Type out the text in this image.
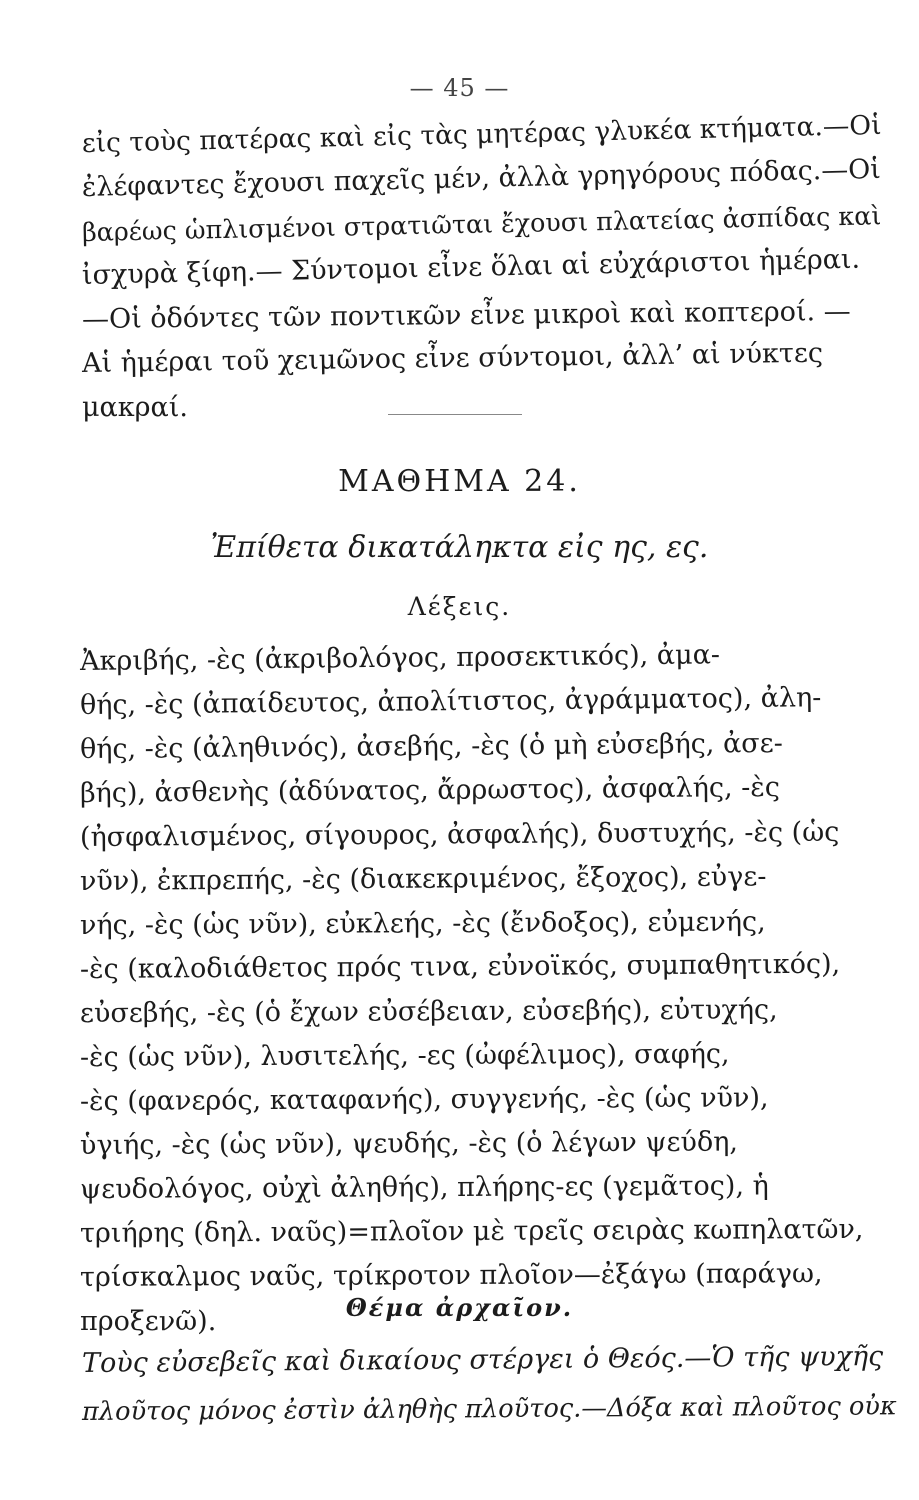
— 45 —
εἰς τοὺς πατέρας καὶ εἰς τὰς μητέρας γλυκέα κτήματα.—Οἱ
ἐλέφαντες ἔχουσι παχεῖς μέν, ἀλλὰ γρηγόρους πόδας.—Οἱ
βαρέως ὡπλισμένοι στρατιῶται ἔχουσι πλατείας ἀσπίδας καὶ
ἰσχυρὰ ξίφη.— Σύντομοι εἶνε ὅλαι αἱ εὐχάριστοι ἡμέραι.
—Οἱ ὀδόντες τῶν ποντικῶν εἶνε μικροὶ καὶ κοπτεροί. —
Αἱ ἡμέραι τοῦ χειμῶνος εἶνε σύντομοι, ἀλλ’ αἱ νύκτες
μακραί.
ΜΑΘΗΜΑ 24.
Ἐπίθετα δικατάληκτα εἰς ης, ες.
Λέξεις.
Ἀκριβής, -ὲς (ἀκριβολόγος, προσεκτικός), ἀμα-
θής, -ὲς (ἀπαίδευτος, ἀπολίτιστος, ἀγράμματος), ἀλη-
θής, -ὲς (ἀληθινός), ἀσεβής, -ὲς (ὁ μὴ εὐσεβής, ἀσε-
βής), ἀσθενὴς (ἀδύνατος, ἄρρωστος), ἀσφαλής, -ὲς
(ἠσφαλισμένος, σίγουρος, ἀσφαλής), δυστυχής, -ὲς (ὡς
νῦν), ἐκπρεπής, -ὲς (διακεκριμένος, ἔξοχος), εὐγε-
νής, -ὲς (ὡς νῦν), εὐκλεής, -ὲς (ἔνδοξος), εὐμενής,
-ὲς (καλοδιάθετος πρός τινα, εὐνοϊκός, συμπαθητικός),
εὐσεβής, -ὲς (ὁ ἔχων εὐσέβειαν, εὐσεβής), εὐτυχής,
-ὲς (ὡς νῦν), λυσιτελής, -ες (ὠφέλιμος), σαφής,
-ὲς (φανερός, καταφανής), συγγενής, -ὲς (ὡς νῦν),
ὑγιής, -ὲς (ὡς νῦν), ψευδής, -ὲς (ὁ λέγων ψεύδη,
ψευδολόγος, οὐχὶ ἀληθής), πλήρης-ες (γεμᾶτος), ἡ
τριήρης (δηλ. ναῦς)=πλοῖον μὲ τρεῖς σειρὰς κωπηλατῶν,
τρίσκαλμος ναῦς, τρίκροτον πλοῖον—ἐξάγω (παράγω,
προξενῶ).	Θέμα ἀρχαῖον.
Τοὺς εὐσεβεῖς καὶ δικαίους στέργει ὁ Θεός.—Ὁ τῆς ψυχῆς
πλοῦτος μόνος ἐστὶν ἀληθὴς πλοῦτος.—Δόξα καὶ πλοῦτος οὐκ
